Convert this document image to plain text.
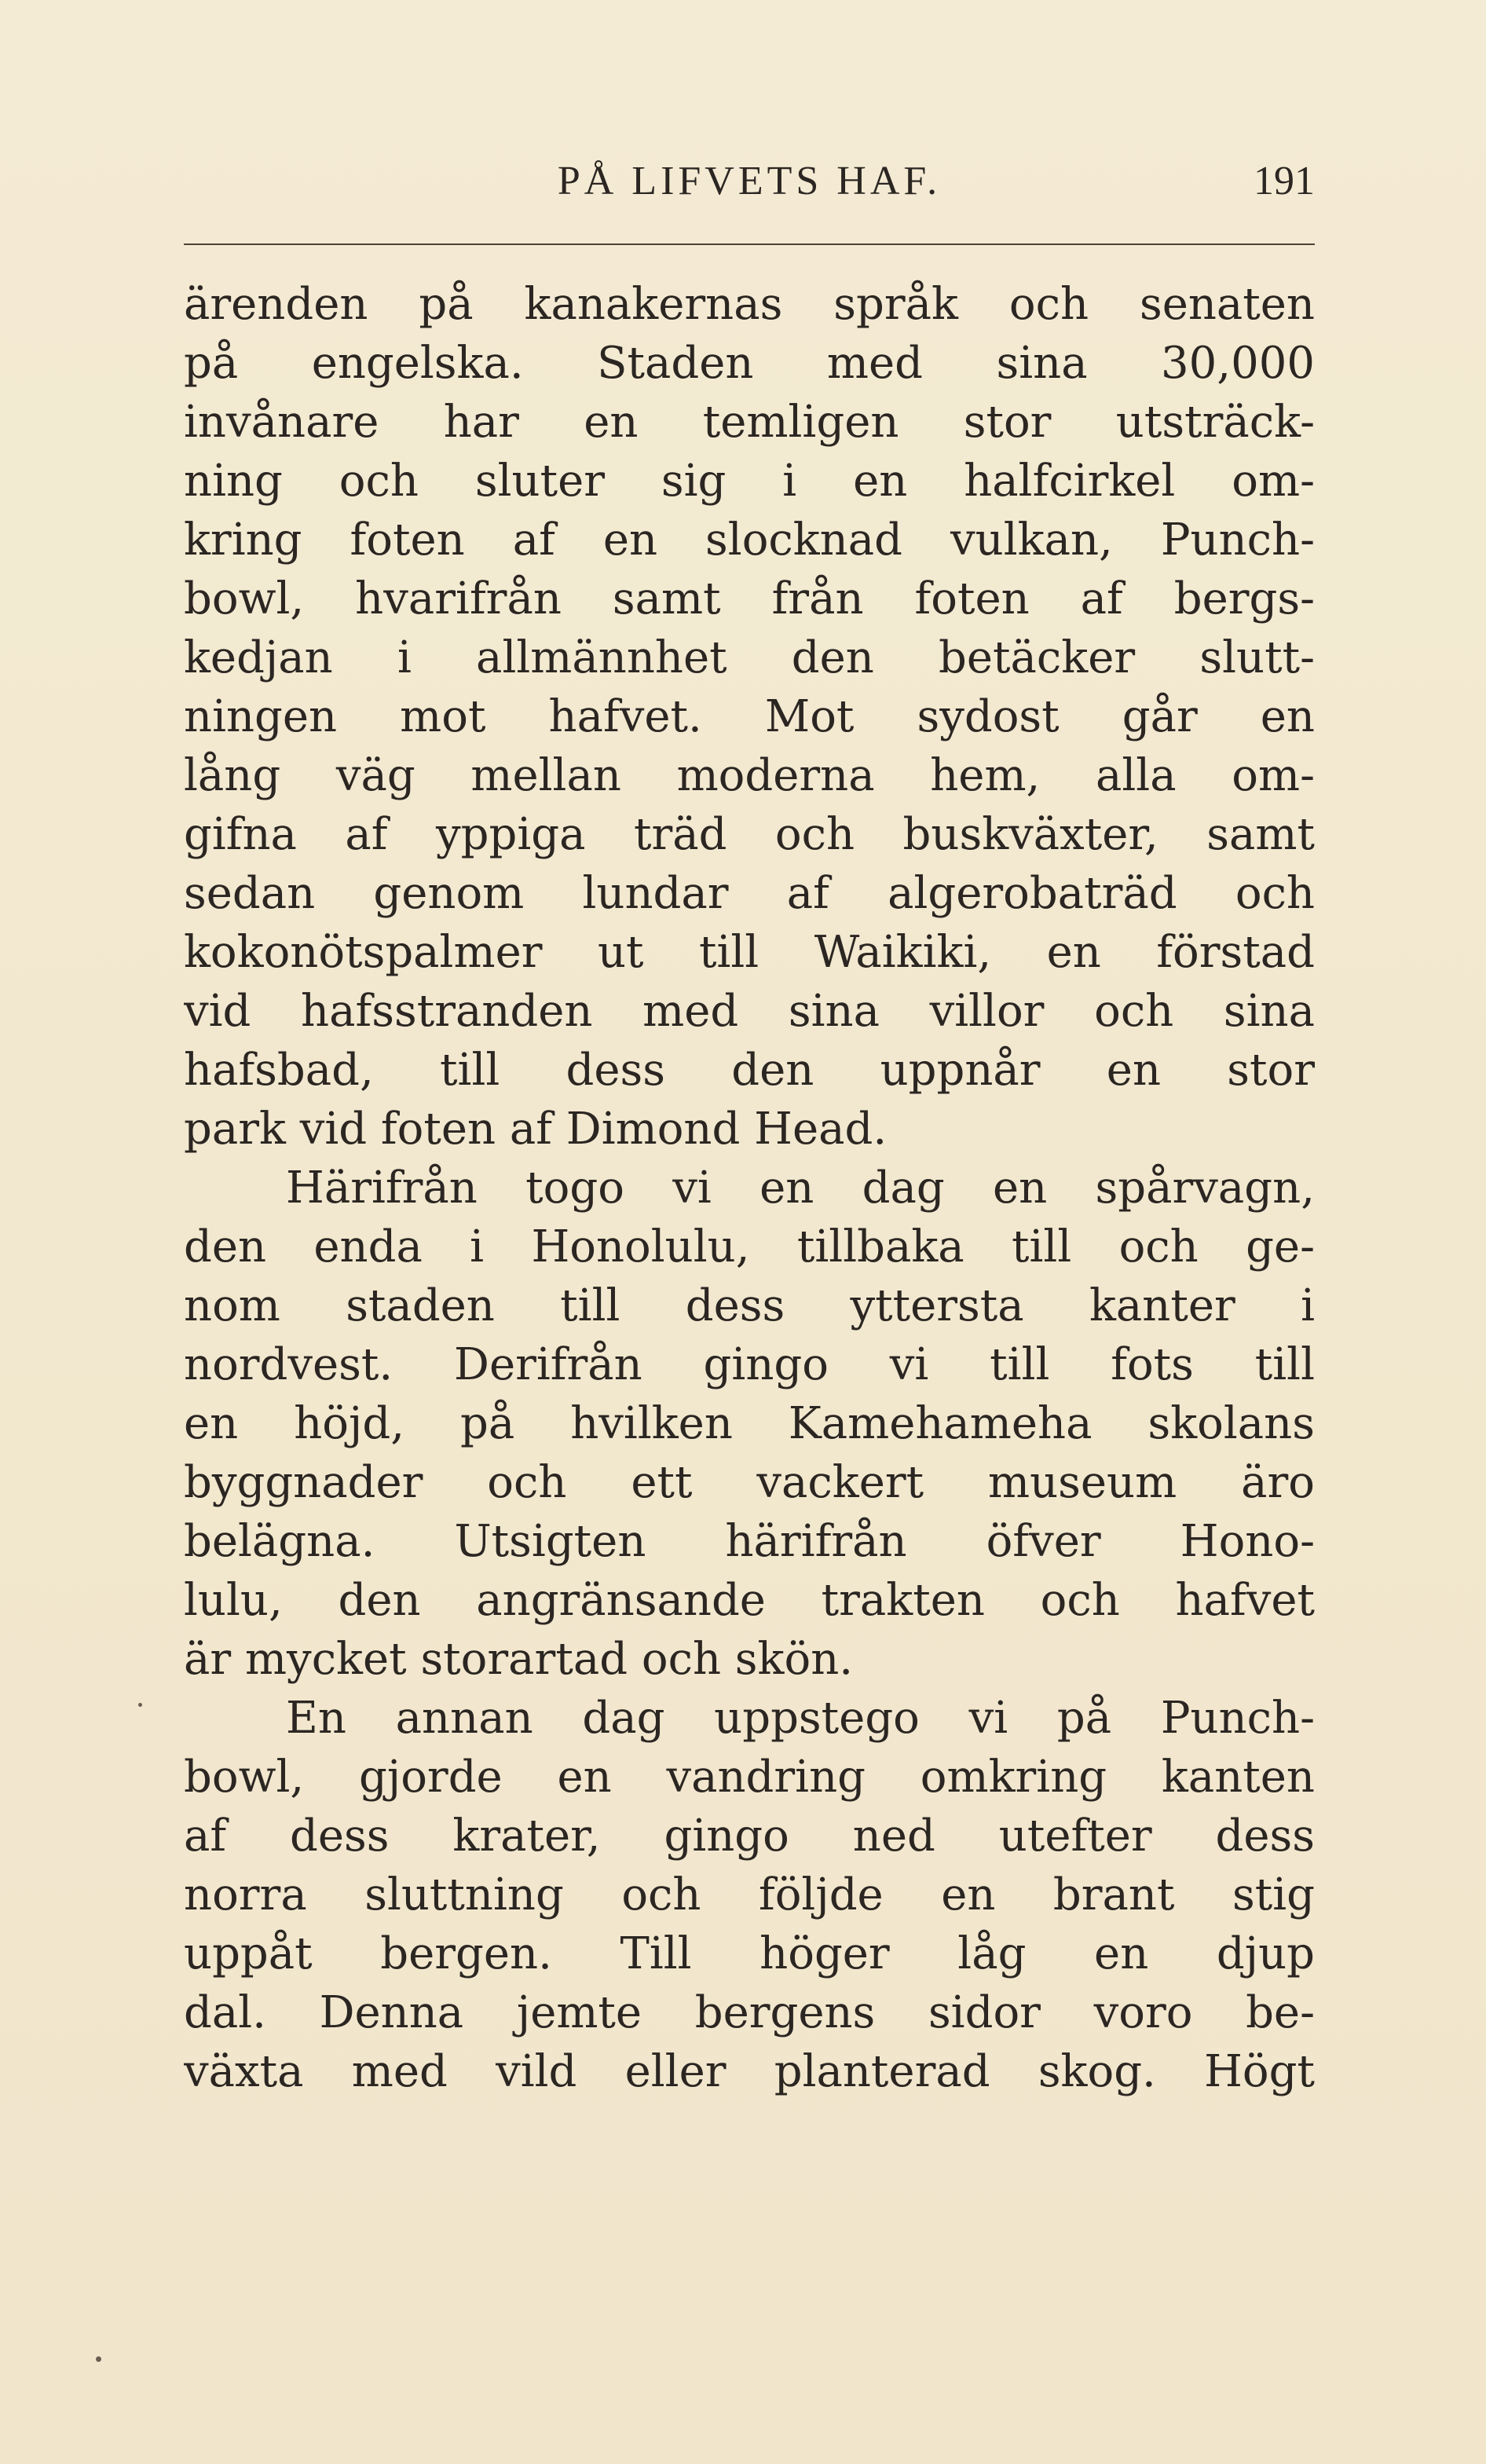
PÅ LIFVETS HAF.	191
ärenden på kanakernas språk och senaten
på engelska. Staden med sina 30,000
invånare har en temligen stor utsträck-
ning och sluter sig i en halfcirkel om-
kring foten af en slocknad vulkan, Punch-
bowl, hvarifrån samt från foten af bergs-
kedjan i allmännhet den betäcker slutt-
ningen mot hafvet. Mot sydost går en
lång väg mellan moderna hem, alla om-
gifna af yppiga träd och buskväxter, samt
sedan genom lundar af algerobaträd och
kokonötspalmer ut till Waikiki, en förstad
vid hafsstranden med sina villor och sina
hafsbad, till dess den uppnår en stor
park vid foten af Dimond Head.
Härifrån togo vi en dag en spårvagn,
den enda i Honolulu, tillbaka till och ge-
nom staden till dess yttersta kanter i
nordvest. Derifrån gingo vi till fots till
en höjd, på hvilken Kamehameha skolans
byggnader och ett vackert museum äro
belägna. Utsigten härifrån öfver Hono-
lulu, den angränsande trakten och hafvet
är mycket storartad och skön.
En annan dag uppstego vi på Punch-
bowl, gjorde en vandring omkring kanten
af dess krater, gingo ned utefter dess
norra sluttning och följde en brant stig
uppåt bergen. Till höger låg en djup
dal. Denna jemte bergens sidor voro be-
växta med vild eller planterad skog. Högt
